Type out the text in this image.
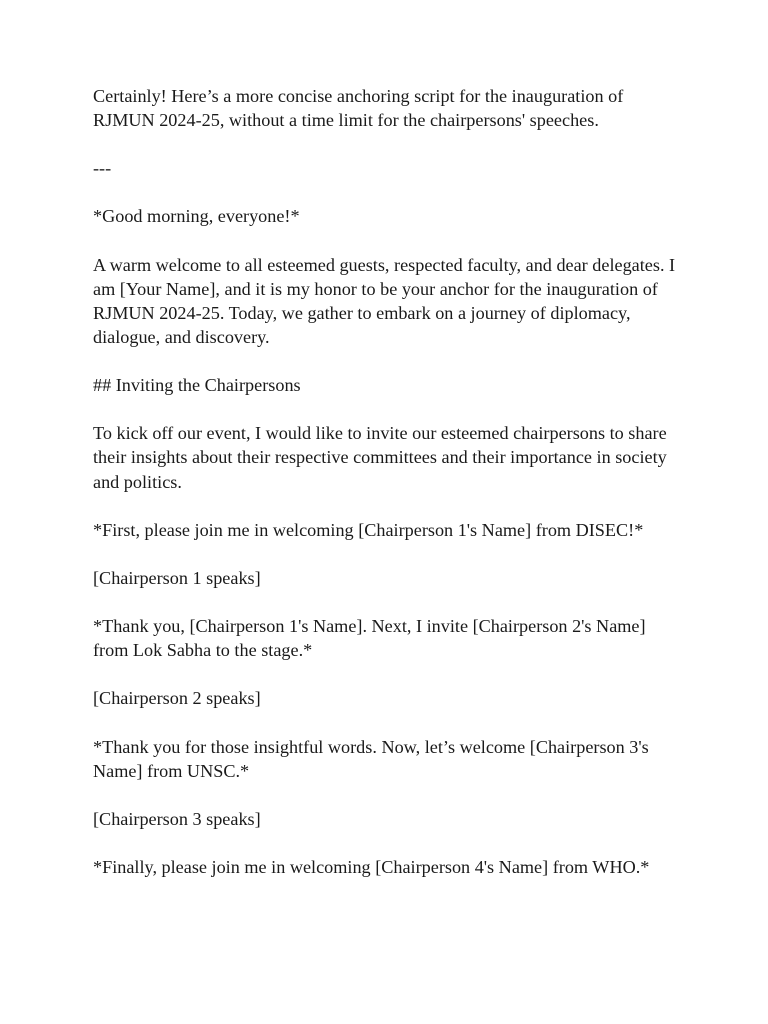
Certainly! Here’s a more concise anchoring script for the inauguration of RJMUN 2024-25, without a time limit for the chairpersons' speeches.

---

*Good morning, everyone!*

A warm welcome to all esteemed guests, respected faculty, and dear delegates. I am [Your Name], and it is my honor to be your anchor for the inauguration of RJMUN 2024-25. Today, we gather to embark on a journey of diplomacy, dialogue, and discovery.

## Inviting the Chairpersons

To kick off our event, I would like to invite our esteemed chairpersons to share their insights about their respective committees and their importance in society and politics.

*First, please join me in welcoming [Chairperson 1's Name] from DISEC!*

[Chairperson 1 speaks]

*Thank you, [Chairperson 1's Name]. Next, I invite [Chairperson 2's Name] from Lok Sabha to the stage.*

[Chairperson 2 speaks]

*Thank you for those insightful words. Now, let’s welcome [Chairperson 3's Name] from UNSC.*

[Chairperson 3 speaks]

*Finally, please join me in welcoming [Chairperson 4's Name] from WHO.*
